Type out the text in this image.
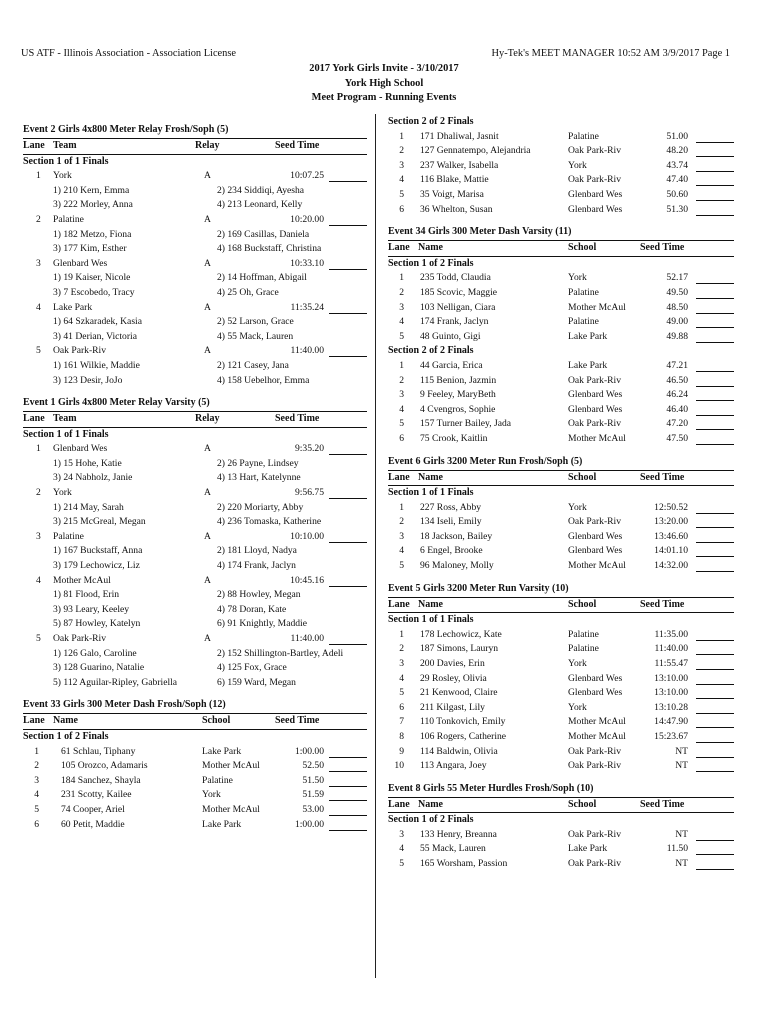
US ATF - Illinois Association - Association License	Hy-Tek's MEET MANAGER 10:52 AM 3/9/2017 Page 1
2017 York Girls Invite - 3/10/2017
York High School
Meet Program - Running Events
Event 2 Girls 4x800 Meter Relay Frosh/Soph (5)
Lane Team	Relay	Seed Time
Section 1 of 1 Finals
1 York	A	10:07.25
1) 210 Kern, Emma	2) 234 Siddiqi, Ayesha
3) 222 Morley, Anna	4) 213 Leonard, Kelly
2 Palatine	A	10:20.00
1) 182 Metzo, Fiona	2) 169 Casillas, Daniela
3) 177 Kim, Esther	4) 168 Buckstaff, Christina
3 Glenbard Wes	A	10:33.10
1) 19 Kaiser, Nicole	2) 14 Hoffman, Abigail
3) 7 Escobedo, Tracy	4) 25 Oh, Grace
4 Lake Park	A	11:35.24
1) 64 Szkaradek, Kasia	2) 52 Larson, Grace
3) 41 Derian, Victoria	4) 55 Mack, Lauren
5 Oak Park-Riv	A	11:40.00
1) 161 Wilkie, Maddie	2) 121 Casey, Jana
3) 123 Desir, JoJo	4) 158 Uebelhor, Emma
Event 1 Girls 4x800 Meter Relay Varsity (5)
Lane Team	Relay	Seed Time
Section 1 of 1 Finals
1 Glenbard Wes	A	9:35.20
1) 15 Hohe, Katie	2) 26 Payne, Lindsey
3) 24 Nabholz, Janie	4) 13 Hart, Katelynne
2 York	A	9:56.75
1) 214 May, Sarah	2) 220 Moriarty, Abby
3) 215 McGreal, Megan	4) 236 Tomaska, Katherine
3 Palatine	A	10:10.00
1) 167 Buckstaff, Anna	2) 181 Lloyd, Nadya
3) 179 Lechowicz, Liz	4) 174 Frank, Jaclyn
4 Mother McAul	A	10:45.16
1) 81 Flood, Erin	2) 88 Howley, Megan
3) 93 Leary, Keeley	4) 78 Doran, Kate
5) 87 Howley, Katelyn	6) 91 Knightly, Maddie
5 Oak Park-Riv	A	11:40.00
1) 126 Galo, Caroline	2) 152 Shillington-Bartley, Adeli
3) 128 Guarino, Natalie	4) 125 Fox, Grace
5) 112 Aguilar-Ripley, Gabriella	6) 159 Ward, Megan
Event 33 Girls 300 Meter Dash Frosh/Soph (12)
Lane Name	School	Seed Time
Section 1 of 2 Finals
1 61 Schlau, Tiphany	Lake Park	1:00.00
2 105 Orozco, Adamaris	Mother McAul	52.50
3 184 Sanchez, Shayla	Palatine	51.50
4 231 Scotty, Kailee	York	51.59
5 74 Cooper, Ariel	Mother McAul	53.00
6 60 Petit, Maddie	Lake Park	1:00.00
Section 2 of 2 Finals
1 171 Dhaliwal, Jasnit	Palatine	51.00
2 127 Gennatempo, Alejandria	Oak Park-Riv	48.20
3 237 Walker, Isabella	York	43.74
4 116 Blake, Mattie	Oak Park-Riv	47.40
5 35 Voigt, Marisa	Glenbard Wes	50.60
6 36 Whelton, Susan	Glenbard Wes	51.30
Event 34 Girls 300 Meter Dash Varsity (11)
Lane Name	School	Seed Time
Section 1 of 2 Finals
1 235 Todd, Claudia	York	52.17
2 185 Scovic, Maggie	Palatine	49.50
3 103 Nelligan, Ciara	Mother McAul	48.50
4 174 Frank, Jaclyn	Palatine	49.00
5 48 Guinto, Gigi	Lake Park	49.88
Section 2 of 2 Finals
1 44 Garcia, Erica	Lake Park	47.21
2 115 Benion, Jazmin	Oak Park-Riv	46.50
3 9 Feeley, MaryBeth	Glenbard Wes	46.24
4 4 Cvengros, Sophie	Glenbard Wes	46.40
5 157 Turner Bailey, Jada	Oak Park-Riv	47.20
6 75 Crook, Kaitlin	Mother McAul	47.50
Event 6 Girls 3200 Meter Run Frosh/Soph (5)
Lane Name	School	Seed Time
Section 1 of 1 Finals
1 227 Ross, Abby	York	12:50.52
2 134 Iseli, Emily	Oak Park-Riv	13:20.00
3 18 Jackson, Bailey	Glenbard Wes	13:46.60
4 6 Engel, Brooke	Glenbard Wes	14:01.10
5 96 Maloney, Molly	Mother McAul	14:32.00
Event 5 Girls 3200 Meter Run Varsity (10)
Lane Name	School	Seed Time
Section 1 of 1 Finals
1 178 Lechowicz, Kate	Palatine	11:35.00
2 187 Simons, Lauryn	Palatine	11:40.00
3 200 Davies, Erin	York	11:55.47
4 29 Rosley, Olivia	Glenbard Wes	13:10.00
5 21 Kenwood, Claire	Glenbard Wes	13:10.00
6 211 Kilgast, Lily	York	13:10.28
7 110 Tonkovich, Emily	Mother McAul	14:47.90
8 106 Rogers, Catherine	Mother McAul	15:23.67
9 114 Baldwin, Olivia	Oak Park-Riv	NT
10 113 Angara, Joey	Oak Park-Riv	NT
Event 8 Girls 55 Meter Hurdles Frosh/Soph (10)
Lane Name	School	Seed Time
Section 1 of 2 Finals
3 133 Henry, Breanna	Oak Park-Riv	NT
4 55 Mack, Lauren	Lake Park	11.50
5 165 Worsham, Passion	Oak Park-Riv	NT
